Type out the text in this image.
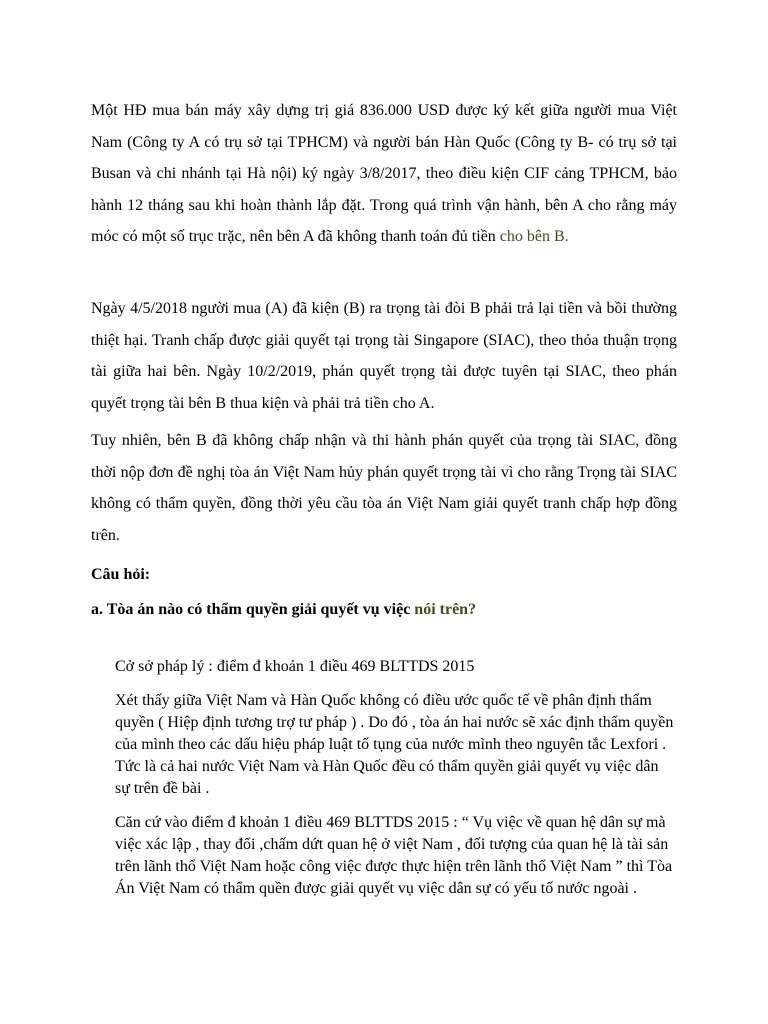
Một HĐ mua bán máy xây dựng trị giá 836.000 USD được ký kết giữa người mua Việt Nam (Công ty A có trụ sở tại TPHCM) và người bán Hàn Quốc (Công ty B- có trụ sở tại Busan và chi nhánh tại Hà nội) ký ngày 3/8/2017, theo điều kiện CIF cảng TPHCM, bảo hành 12 tháng sau khi hoàn thành lắp đặt. Trong quá trình vận hành, bên A cho rằng máy móc có một số trục trặc, nên bên A đã không thanh toán đủ tiền cho bên B.

Ngày 4/5/2018 người mua (A) đã kiện (B) ra trọng tài đòi B phải trả lại tiền và bồi thường thiệt hại. Tranh chấp được giải quyết tại trọng tài Singapore (SIAC), theo thỏa thuận trọng tài giữa hai bên. Ngày 10/2/2019, phán quyết trọng tài được tuyên tại SIAC, theo phán quyết trọng tài bên B thua kiện và phải trả tiền cho A.

Tuy nhiên, bên B đã không chấp nhận và thi hành phán quyết của trọng tài SIAC, đồng thời nộp đơn đề nghị tòa án Việt Nam hủy phán quyết trọng tài vì cho rằng Trọng tài SIAC không có thẩm quyền, đồng thời yêu cầu tòa án Việt Nam giải quyết tranh chấp hợp đồng trên.

Câu hỏi:
a. Tòa án nào có thẩm quyền giải quyết vụ việc nói trên?

Cở sở pháp lý : điểm đ khoản 1 điều 469 BLTTDS 2015

Xét thấy giữa Việt Nam và Hàn Quốc không có điều ước quốc tế về phân định thẩm quyền ( Hiệp định tương trợ tư pháp ) . Do đó , tòa án hai nước sẽ xác định thẩm quyền của mình theo các dấu hiệu pháp luật tố tụng của nước mình theo nguyên tắc Lexfori . Tức là cả hai nước Việt Nam và Hàn Quốc đều có thẩm quyền giải quyết vụ việc dân sự trên đề bài .

Căn cứ vào điểm đ khoản 1 điều 469 BLTTDS 2015 : “ Vụ việc về quan hệ dân sự mà việc xác lập , thay đổi ,chấm dứt quan hệ ở việt Nam , đối tượng của quan hệ là tài sản trên lãnh thổ Việt Nam hoặc công việc được thực hiện trên lãnh thổ Việt Nam ” thì Tòa Án Việt Nam có thẩm quền được giải quyết vụ việc dân sự có yếu tố nước ngoài .
